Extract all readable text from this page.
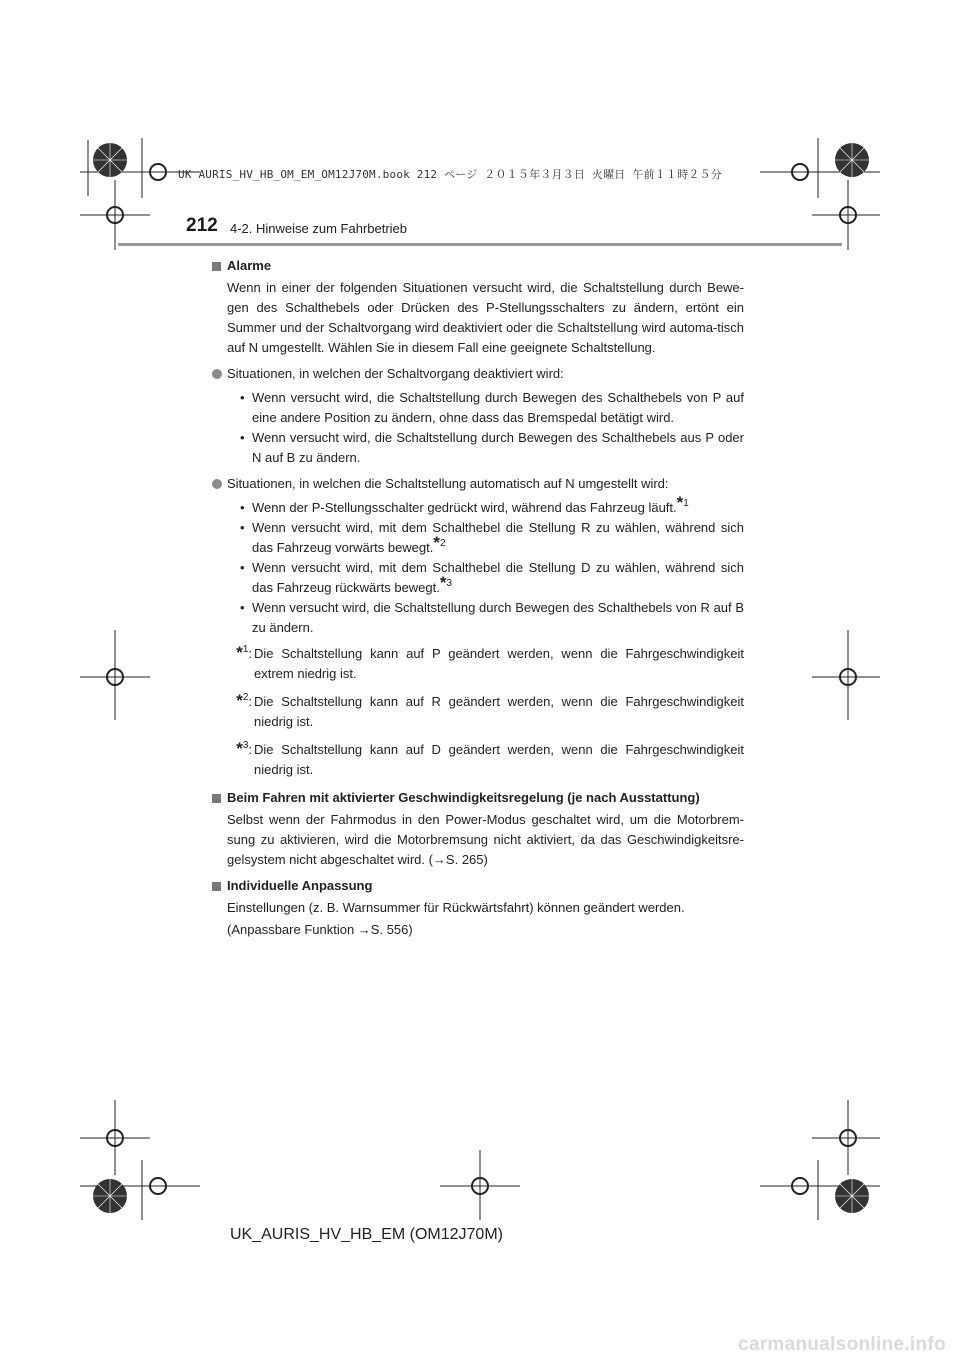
UK AURIS_HV_HB_OM_EM_OM12J70M.book 212 ページ ２０１５年３月３日 火曜日 午前１１時２５分
212 4-2. Hinweise zum Fahrbetrieb
Alarme
Wenn in einer der folgenden Situationen versucht wird, die Schaltstellung durch Bewe-gen des Schalthebels oder Drücken des P-Stellungsschalters zu ändern, ertönt ein Summer und der Schaltvorgang wird deaktiviert oder die Schaltstellung wird automa-tisch auf N umgestellt. Wählen Sie in diesem Fall eine geeignete Schaltstellung.
Situationen, in welchen der Schaltvorgang deaktiviert wird:
• Wenn versucht wird, die Schaltstellung durch Bewegen des Schalthebels von P auf eine andere Position zu ändern, ohne dass das Bremspedal betätigt wird.
• Wenn versucht wird, die Schaltstellung durch Bewegen des Schalthebels aus P oder N auf B zu ändern.
Situationen, in welchen die Schaltstellung automatisch auf N umgestellt wird:
• Wenn der P-Stellungsschalter gedrückt wird, während das Fahrzeug läuft.*$^1$
• Wenn versucht wird, mit dem Schalthebel die Stellung R zu wählen, während sich das Fahrzeug vorwärts bewegt.*$^2$
• Wenn versucht wird, mit dem Schalthebel die Stellung D zu wählen, während sich das Fahrzeug rückwärts bewegt.*$^3$
• Wenn versucht wird, die Schaltstellung durch Bewegen des Schalthebels von R auf B zu ändern.
*$^1$: Die Schaltstellung kann auf P geändert werden, wenn die Fahrgeschwindigkeit extrem niedrig ist.
*$^2$: Die Schaltstellung kann auf R geändert werden, wenn die Fahrgeschwindigkeit niedrig ist.
*$^3$: Die Schaltstellung kann auf D geändert werden, wenn die Fahrgeschwindigkeit niedrig ist.
Beim Fahren mit aktivierter Geschwindigkeitsregelung (je nach Ausstattung)
Selbst wenn der Fahrmodus in den Power-Modus geschaltet wird, um die Motorbrem-sung zu aktivieren, wird die Motorbremsung nicht aktiviert, da das Geschwindigkeitsre-gelsystem nicht abgeschaltet wird. (→S. 265)
Individuelle Anpassung
Einstellungen (z. B. Warnsummer für Rückwärtsfahrt) können geändert werden.
(Anpassbare Funktion →S. 556)
UK_AURIS_HV_HB_EM (OM12J70M)
carmanualsonline.info
